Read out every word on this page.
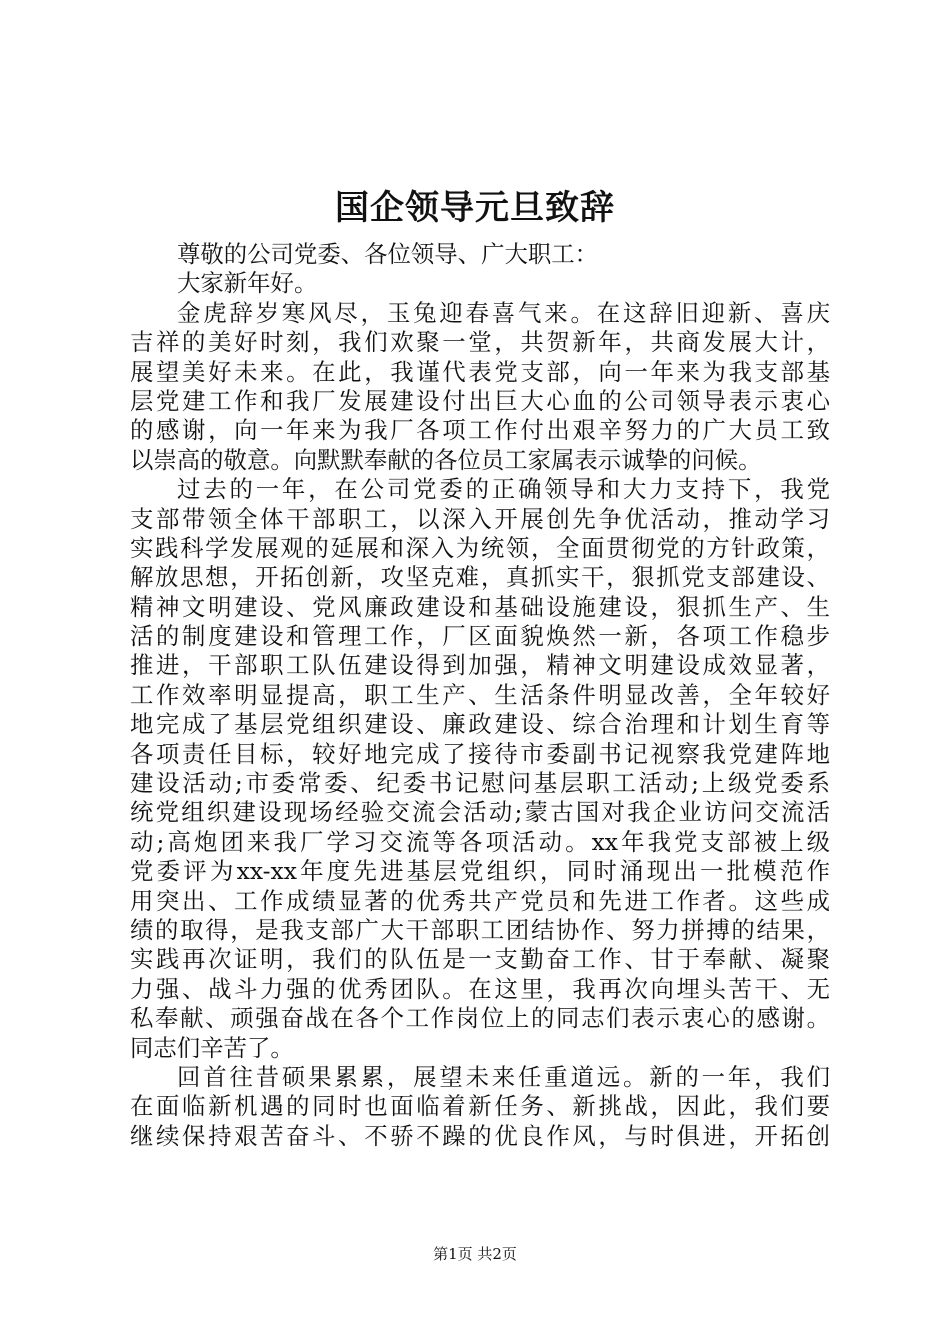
国企领导元旦致辞
尊敬的公司党委、各位领导、广大职工：
大家新年好。
金虎辞岁寒风尽，玉兔迎春喜气来。在这辞旧迎新、喜庆
吉祥的美好时刻，我们欢聚一堂，共贺新年，共商发展大计，
展望美好未来。在此，我谨代表党支部，向一年来为我支部基
层党建工作和我厂发展建设付出巨大心血的公司领导表示衷心
的感谢，向一年来为我厂各项工作付出艰辛努力的广大员工致
以崇高的敬意。向默默奉献的各位员工家属表示诚挚的问候。
过去的一年，在公司党委的正确领导和大力支持下，我党
支部带领全体干部职工，以深入开展创先争优活动，推动学习
实践科学发展观的延展和深入为统领，全面贯彻党的方针政策，
解放思想，开拓创新，攻坚克难，真抓实干，狠抓党支部建设、
精神文明建设、党风廉政建设和基础设施建设，狠抓生产、生
活的制度建设和管理工作，厂区面貌焕然一新，各项工作稳步
推进，干部职工队伍建设得到加强，精神文明建设成效显著，
工作效率明显提高，职工生产、生活条件明显改善，全年较好
地完成了基层党组织建设、廉政建设、综合治理和计划生育等
各项责任目标，较好地完成了接待市委副书记视察我党建阵地
建设活动;市委常委、纪委书记慰问基层职工活动;上级党委系
统党组织建设现场经验交流会活动;蒙古国对我企业访问交流活
动;高炮团来我厂学习交流等各项活动。xx年我党支部被上级
党委评为xx-xx年度先进基层党组织，同时涌现出一批模范作
用突出、工作成绩显著的优秀共产党员和先进工作者。这些成
绩的取得，是我支部广大干部职工团结协作、努力拼搏的结果，
实践再次证明，我们的队伍是一支勤奋工作、甘于奉献、凝聚
力强、战斗力强的优秀团队。在这里，我再次向埋头苦干、无
私奉献、顽强奋战在各个工作岗位上的同志们表示衷心的感谢。
同志们辛苦了。
回首往昔硕果累累，展望未来任重道远。新的一年，我们
在面临新机遇的同时也面临着新任务、新挑战，因此，我们要
继续保持艰苦奋斗、不骄不躁的优良作风，与时俱进，开拓创
第1页 共2页
